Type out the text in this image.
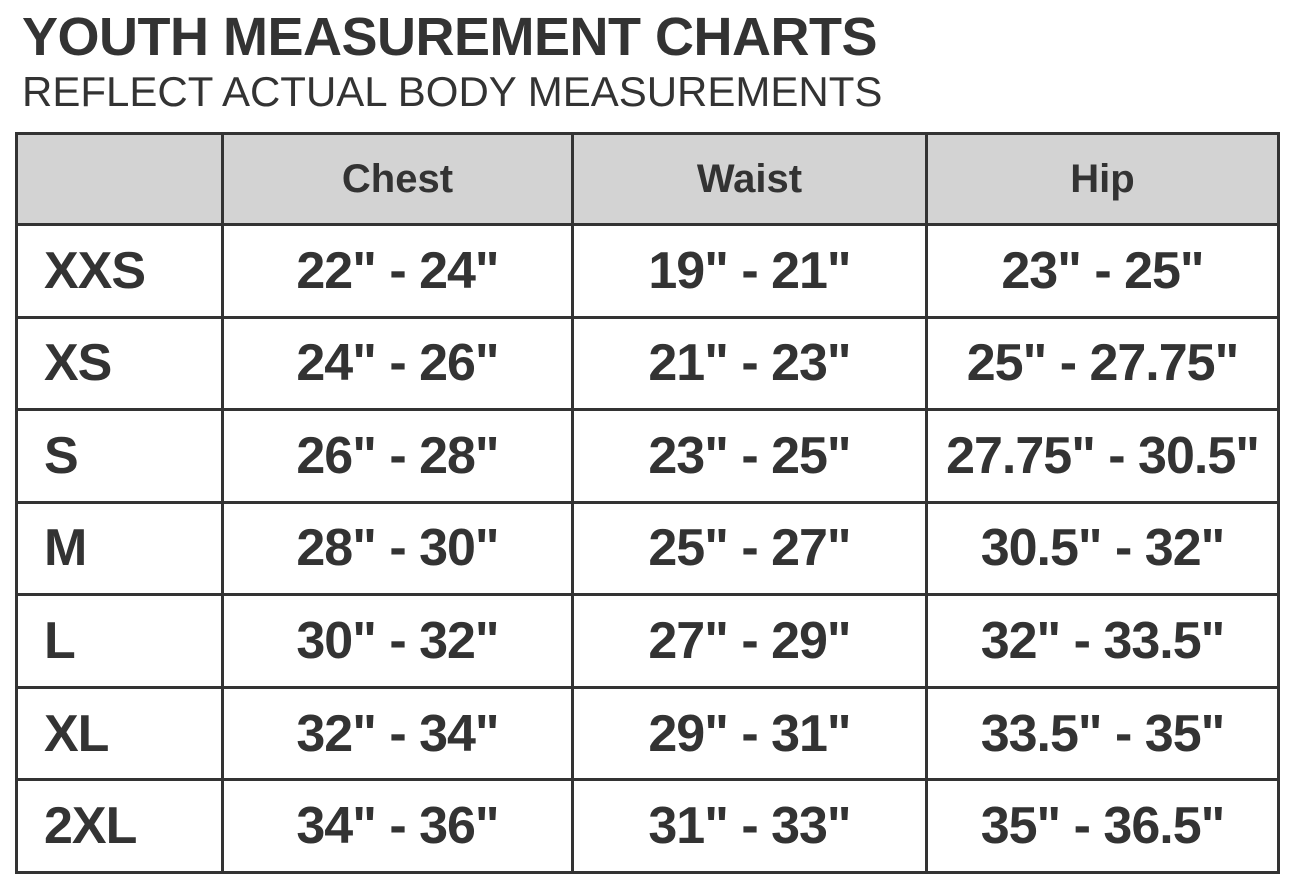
YOUTH MEASUREMENT CHARTS
REFLECT ACTUAL BODY MEASUREMENTS
	Chest	Waist	Hip
XXS	22" - 24"	19" - 21"	23" - 25"
XS	24" - 26"	21" - 23"	25" - 27.75"
S	26" - 28"	23" - 25"	27.75" - 30.5"
M	28" - 30"	25" - 27"	30.5" - 32"
L	30" - 32"	27" - 29"	32" - 33.5"
XL	32" - 34"	29" - 31"	33.5" - 35"
2XL	34" - 36"	31" - 33"	35" - 36.5"
